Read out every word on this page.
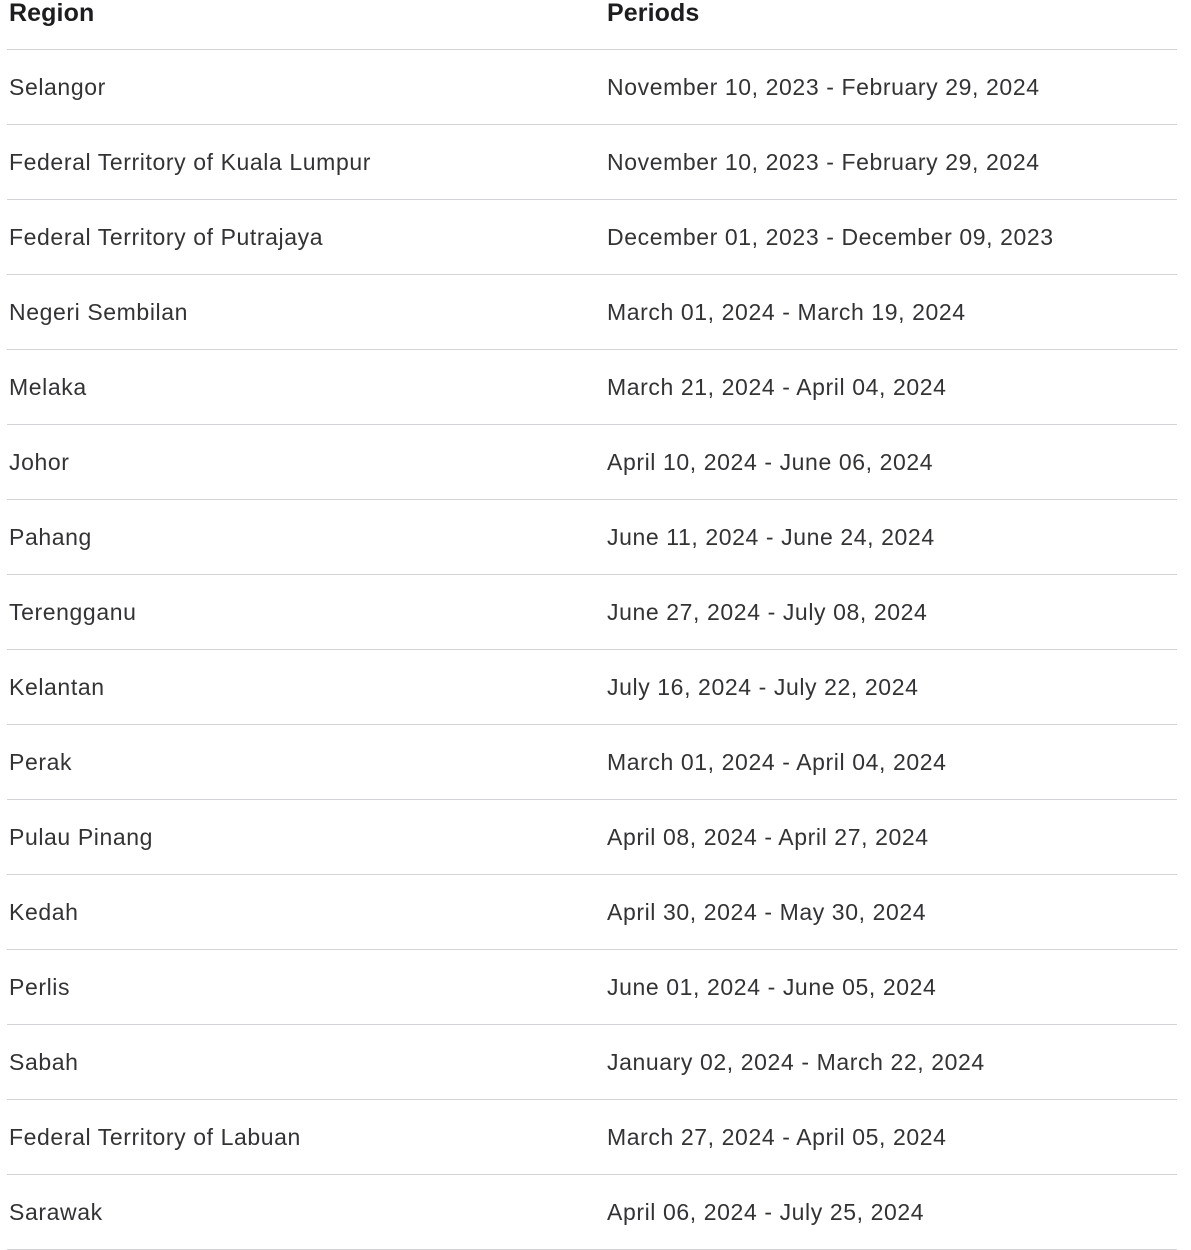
Region	Periods
Selangor	November 10, 2023 - February 29, 2024
Federal Territory of Kuala Lumpur	November 10, 2023 - February 29, 2024
Federal Territory of Putrajaya	December 01, 2023 - December 09, 2023
Negeri Sembilan	March 01, 2024 - March 19, 2024
Melaka	March 21, 2024 - April 04, 2024
Johor	April 10, 2024 - June 06, 2024
Pahang	June 11, 2024 - June 24, 2024
Terengganu	June 27, 2024 - July 08, 2024
Kelantan	July 16, 2024 - July 22, 2024
Perak	March 01, 2024 - April 04, 2024
Pulau Pinang	April 08, 2024 - April 27, 2024
Kedah	April 30, 2024 - May 30, 2024
Perlis	June 01, 2024 - June 05, 2024
Sabah	January 02, 2024 - March 22, 2024
Federal Territory of Labuan	March 27, 2024 - April 05, 2024
Sarawak	April 06, 2024 - July 25, 2024
